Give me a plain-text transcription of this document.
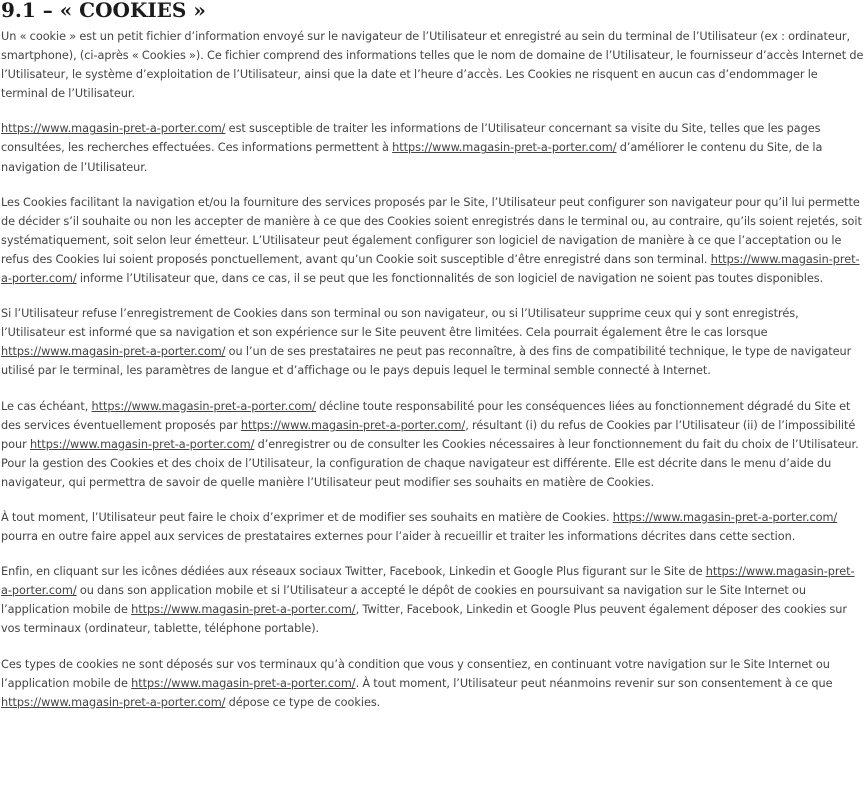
9.1 – « COOKIES »

Un « cookie » est un petit fichier d’information envoyé sur le navigateur de l’Utilisateur et enregistré au sein du terminal de l’Utilisateur (ex : ordinateur, smartphone), (ci-après « Cookies »). Ce fichier comprend des informations telles que le nom de domaine de l’Utilisateur, le fournisseur d’accès Internet de l’Utilisateur, le système d’exploitation de l’Utilisateur, ainsi que la date et l’heure d’accès. Les Cookies ne risquent en aucun cas d’endommager le terminal de l’Utilisateur.

https://www.magasin-pret-a-porter.com/ est susceptible de traiter les informations de l’Utilisateur concernant sa visite du Site, telles que les pages consultées, les recherches effectuées. Ces informations permettent à https://www.magasin-pret-a-porter.com/ d’améliorer le contenu du Site, de la navigation de l’Utilisateur.

Les Cookies facilitant la navigation et/ou la fourniture des services proposés par le Site, l’Utilisateur peut configurer son navigateur pour qu’il lui permette de décider s’il souhaite ou non les accepter de manière à ce que des Cookies soient enregistrés dans le terminal ou, au contraire, qu’ils soient rejetés, soit systématiquement, soit selon leur émetteur. L’Utilisateur peut également configurer son logiciel de navigation de manière à ce que l’acceptation ou le refus des Cookies lui soient proposés ponctuellement, avant qu’un Cookie soit susceptible d’être enregistré dans son terminal. https://www.magasin-pret-a-porter.com/ informe l’Utilisateur que, dans ce cas, il se peut que les fonctionnalités de son logiciel de navigation ne soient pas toutes disponibles.

Si l’Utilisateur refuse l’enregistrement de Cookies dans son terminal ou son navigateur, ou si l’Utilisateur supprime ceux qui y sont enregistrés, l’Utilisateur est informé que sa navigation et son expérience sur le Site peuvent être limitées. Cela pourrait également être le cas lorsque https://www.magasin-pret-a-porter.com/ ou l’un de ses prestataires ne peut pas reconnaître, à des fins de compatibilité technique, le type de navigateur utilisé par le terminal, les paramètres de langue et d’affichage ou le pays depuis lequel le terminal semble connecté à Internet.

Le cas échéant, https://www.magasin-pret-a-porter.com/ décline toute responsabilité pour les conséquences liées au fonctionnement dégradé du Site et des services éventuellement proposés par https://www.magasin-pret-a-porter.com/, résultant (i) du refus de Cookies par l’Utilisateur (ii) de l’impossibilité pour https://www.magasin-pret-a-porter.com/ d’enregistrer ou de consulter les Cookies nécessaires à leur fonctionnement du fait du choix de l’Utilisateur. Pour la gestion des Cookies et des choix de l’Utilisateur, la configuration de chaque navigateur est différente. Elle est décrite dans le menu d’aide du navigateur, qui permettra de savoir de quelle manière l’Utilisateur peut modifier ses souhaits en matière de Cookies.

À tout moment, l’Utilisateur peut faire le choix d’exprimer et de modifier ses souhaits en matière de Cookies. https://www.magasin-pret-a-porter.com/ pourra en outre faire appel aux services de prestataires externes pour l’aider à recueillir et traiter les informations décrites dans cette section.

Enfin, en cliquant sur les icônes dédiées aux réseaux sociaux Twitter, Facebook, Linkedin et Google Plus figurant sur le Site de https://www.magasin-pret-a-porter.com/ ou dans son application mobile et si l’Utilisateur a accepté le dépôt de cookies en poursuivant sa navigation sur le Site Internet ou l’application mobile de https://www.magasin-pret-a-porter.com/, Twitter, Facebook, Linkedin et Google Plus peuvent également déposer des cookies sur vos terminaux (ordinateur, tablette, téléphone portable).

Ces types de cookies ne sont déposés sur vos terminaux qu’à condition que vous y consentiez, en continuant votre navigation sur le Site Internet ou l’application mobile de https://www.magasin-pret-a-porter.com/. À tout moment, l’Utilisateur peut néanmoins revenir sur son consentement à ce que https://www.magasin-pret-a-porter.com/ dépose ce type de cookies.
